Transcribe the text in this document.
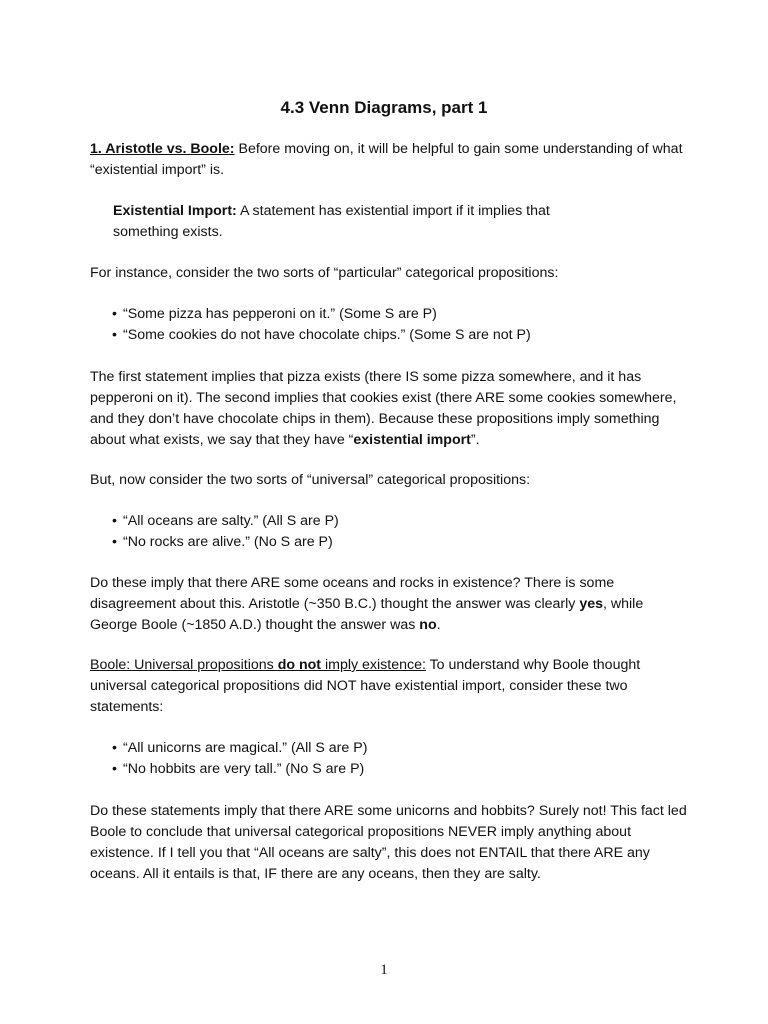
4.3 Venn Diagrams, part 1

1. Aristotle vs. Boole: Before moving on, it will be helpful to gain some understanding of what “existential import” is.

Existential Import: A statement has existential import if it implies that something exists.

For instance, consider the two sorts of “particular” categorical propositions:

• “Some pizza has pepperoni on it.” (Some S are P)
• “Some cookies do not have chocolate chips.” (Some S are not P)

The first statement implies that pizza exists (there IS some pizza somewhere, and it has pepperoni on it). The second implies that cookies exist (there ARE some cookies somewhere, and they don’t have chocolate chips in them). Because these propositions imply something about what exists, we say that they have “existential import”.

But, now consider the two sorts of “universal” categorical propositions:

• “All oceans are salty.” (All S are P)
• “No rocks are alive.” (No S are P)

Do these imply that there ARE some oceans and rocks in existence? There is some disagreement about this. Aristotle (~350 B.C.) thought the answer was clearly yes, while George Boole (~1850 A.D.) thought the answer was no.

Boole: Universal propositions do not imply existence: To understand why Boole thought universal categorical propositions did NOT have existential import, consider these two statements:

• “All unicorns are magical.” (All S are P)
• “No hobbits are very tall.” (No S are P)

Do these statements imply that there ARE some unicorns and hobbits? Surely not! This fact led Boole to conclude that universal categorical propositions NEVER imply anything about existence. If I tell you that “All oceans are salty”, this does not ENTAIL that there ARE any oceans. All it entails is that, IF there are any oceans, then they are salty.

1
